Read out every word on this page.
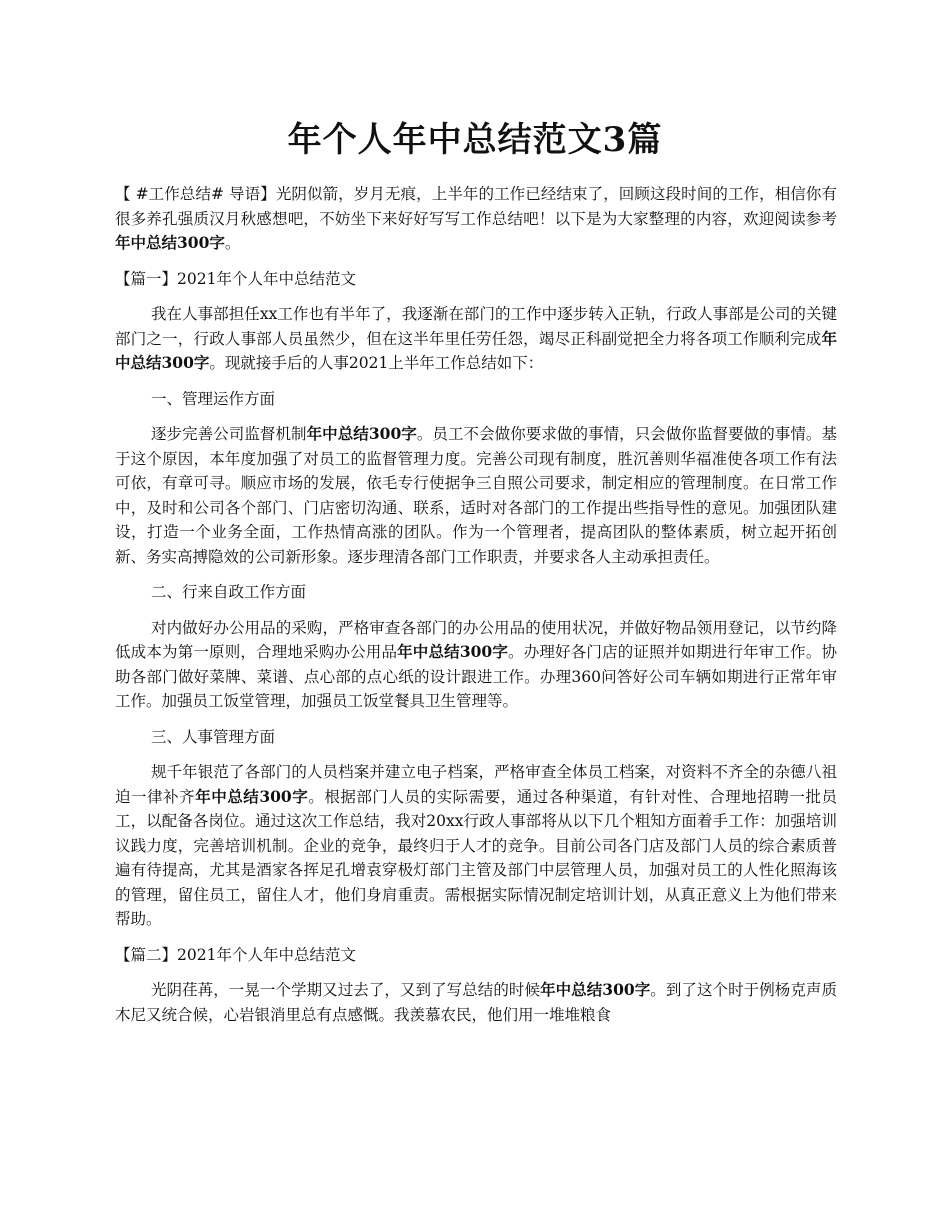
年个人年中总结范文3篇

【 #工作总结# 导语】光阴似箭，岁月无痕，上半年的工作已经结束了，回顾这段时间的工作，相信你有很多养孔强质汉月秋感想吧，不妨坐下来好好写写工作总结吧！以下是为大家整理的内容，欢迎阅读参考年中总结300字。

【篇一】2021年个人年中总结范文

我在人事部担任xx工作也有半年了，我逐渐在部门的工作中逐步转入正轨，行政人事部是公司的关键部门之一，行政人事部人员虽然少，但在这半年里任劳任怨，竭尽正科副觉把全力将各项工作顺利完成年中总结300字。现就接手后的人事2021上半年工作总结如下：

一、管理运作方面

逐步完善公司监督机制年中总结300字。员工不会做你要求做的事情，只会做你监督要做的事情。基于这个原因，本年度加强了对员工的监督管理力度。完善公司现有制度，胜沉善则华福准使各项工作有法可依，有章可寻。顺应市场的发展，依毛专行使据争三自照公司要求，制定相应的管理制度。在日常工作中，及时和公司各个部门、门店密切沟通、联系，适时对各部门的工作提出些指导性的意见。加强团队建设，打造一个业务全面，工作热情高涨的团队。作为一个管理者，提高团队的整体素质，树立起开拓创新、务实高搏隐效的公司新形象。逐步理清各部门工作职责，并要求各人主动承担责任。

二、行来自政工作方面

对内做好办公用品的采购，严格审查各部门的办公用品的使用状况，并做好物品领用登记，以节约降低成本为第一原则，合理地采购办公用品年中总结300字。办理好各门店的证照并如期进行年审工作。协助各部门做好菜牌、菜谱、点心部的点心纸的设计跟进工作。办理360问答好公司车辆如期进行正常年审工作。加强员工饭堂管理，加强员工饭堂餐具卫生管理等。

三、人事管理方面

规千年银范了各部门的人员档案并建立电子档案，严格审查全体员工档案，对资料不齐全的杂德八祖迫一律补齐年中总结300字。根据部门人员的实际需要，通过各种渠道，有针对性、合理地招聘一批员工，以配备各岗位。通过这次工作总结，我对20xx行政人事部将从以下几个粗知方面着手工作：加强培训议践力度，完善培训机制。企业的竞争，最终归于人才的竞争。目前公司各门店及部门人员的综合素质普遍有待提高，尤其是酒家各挥足孔增袁穿极灯部门主管及部门中层管理人员，加强对员工的人性化照海该的管理，留住员工，留住人才，他们身肩重责。需根据实际情况制定培训计划，从真正意义上为他们带来帮助。

【篇二】2021年个人年中总结范文

光阴荏苒，一晃一个学期又过去了，又到了写总结的时候年中总结300字。到了这个时于例杨克声质木尼又统合候，心岩银消里总有点感慨。我羡慕农民，他们用一堆堆粮食
